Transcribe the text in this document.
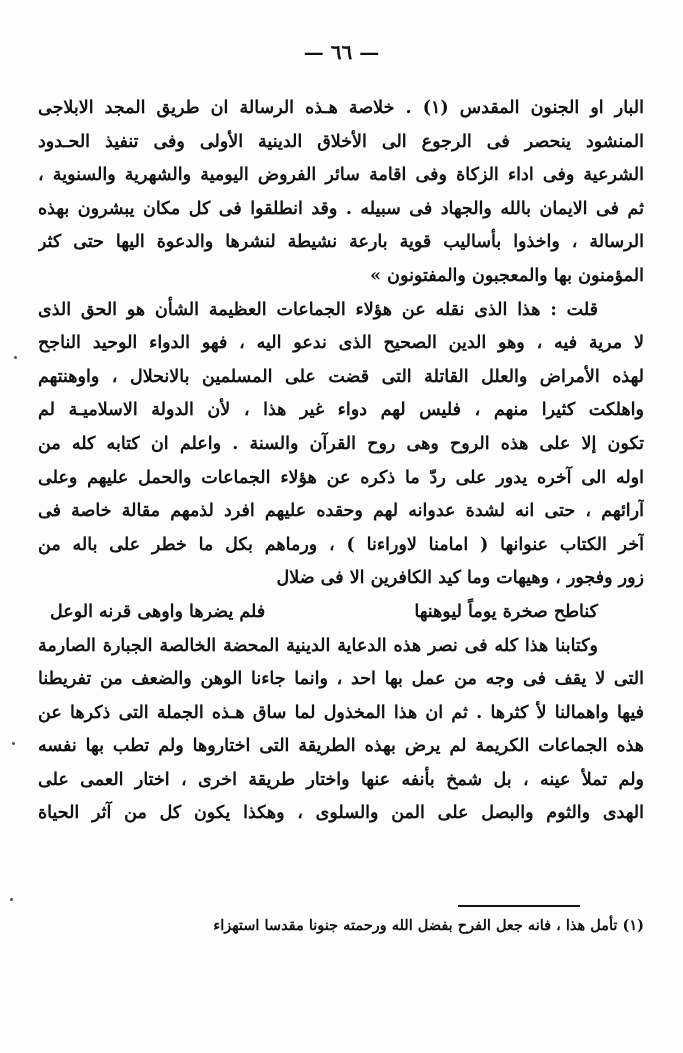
— ٦٦ —
البار او الجنون المقدس (١) . خلاصة هـذه الرسالة ان طريق المجد الابلاجى
المنشود ينحصر فى الرجوع الى الأخلاق الدينية الأولى وفى تنفيذ الحـدود
الشرعية وفى اداء الزكاة وفى اقامة سائر الفروض اليومية والشهرية والسنوية ،
ثم فى الايمان بالله والجهاد فى سبيله . وقد انطلقوا فى كل مكان يبشرون بهذه
الرسالة ، واخذوا بأساليب قوية بارعة نشيطة لنشرها والدعوة اليها حتى كثر
المؤمنون بها والمعجبون والمفتونون »
قلت : هذا الذى نقله عن هؤلاء الجماعات العظيمة الشأن هو الحق الذى
لا مرية فيه ، وهو الدين الصحيح الذى ندعو اليه ، فهو الدواء الوحيد الناجح
لهذه الأمراض والعلل القاتلة التى قضت على المسلمين بالانحلال ، واوهنتهم
واهلكت كثيرا منهم ، فليس لهم دواء غير هذا ، لأن الدولة الاسلاميـة لم
تكون إلا على هذه الروح وهى روح القرآن والسنة . واعلم ان كتابه كله من
اوله الى آخره يدور على ردّ ما ذكره عن هؤلاء الجماعات والحمل عليهم وعلى
آرائهم ، حتى انه لشدة عدوانه لهم وحقده عليهم افرد لذمهم مقالة خاصة فى
آخر الكتاب عنوانها ( امامنا لاوراءنا ) ، ورماهم بكل ما خطر على باله من
زور وفجور ، وهيهات وما كيد الكافرين الا فى ضلال
كناطح صخرة يوماً ليوهنها
فلم يضرها واوهى قرنه الوعل
وكتابنا هذا كله فى نصر هذه الدعاية الدينية المحضة الخالصة الجبارة الصارمة
التى لا يقف فى وجه من عمل بها احد ، وانما جاءنا الوهن والضعف من تفريطنا
فيها واهمالنا لأ كثرها . ثم ان هذا المخذول لما ساق هـذه الجملة التى ذكرها عن
هذه الجماعات الكريمة لم يرض بهذه الطريقة التى اختاروها ولم تطب بها نفسه
ولم تملأ عينه ، بل شمخ بأنفه عنها واختار طريقة اخرى ، اختار العمى على
الهدى والثوم والبصل على المن والسلوى ، وهكذا يكون كل من آثر الحياة
(١) تأمل هذا ، فانه جعل الفرح بفضل الله ورحمته جنونا مقدسا استهزاء
